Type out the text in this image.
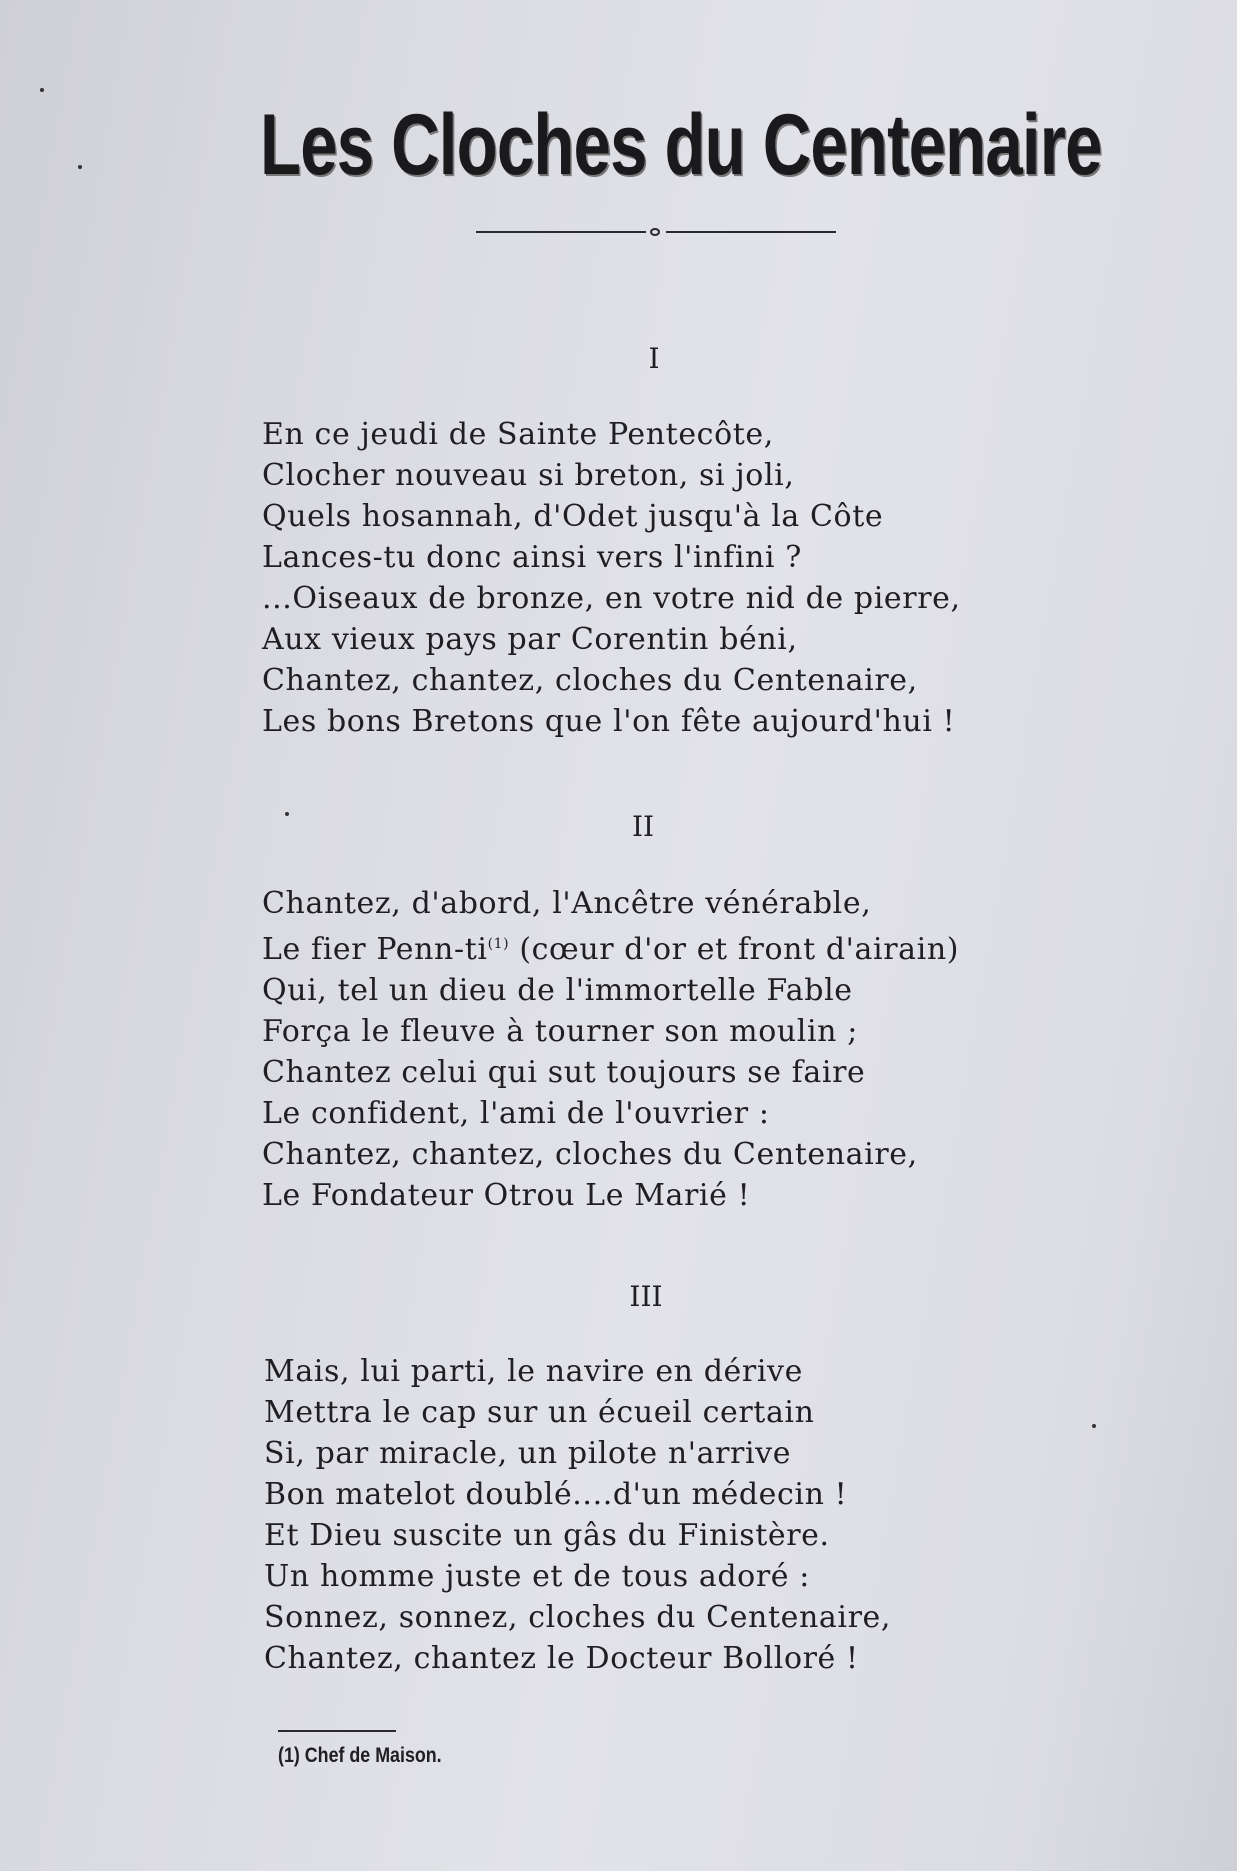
Les Cloches du Centenaire
I
En ce jeudi de Sainte Pentecôte,
Clocher nouveau si breton, si joli,
Quels hosannah, d'Odet jusqu'à la Côte
Lances-tu donc ainsi vers l'infini ?
...Oiseaux de bronze, en votre nid de pierre,
Aux vieux pays par Corentin béni,
Chantez, chantez, cloches du Centenaire,
Les bons Bretons que l'on fête aujourd'hui !
II
Chantez, d'abord, l'Ancêtre vénérable,
Le fier Penn-$ti^{(1)}$ (cœur d'or et front d'airain)
Qui, tel un dieu de l'immortelle Fable
Força le fleuve à tourner son moulin ;
Chantez celui qui sut toujours se faire
Le confident, l'ami de l'ouvrier :
Chantez, chantez, cloches du Centenaire,
Le Fondateur Otrou Le Marié !
III
Mais, lui parti, le navire en dérive
Mettra le cap sur un écueil certain
Si, par miracle, un pilote n'arrive
Bon matelot doublé....d'un médecin !
Et Dieu suscite un gâs du Finistère.
Un homme juste et de tous adoré :
Sonnez, sonnez, cloches du Centenaire,
Chantez, chantez le Docteur Bolloré !
(1) Chef de Maison.
